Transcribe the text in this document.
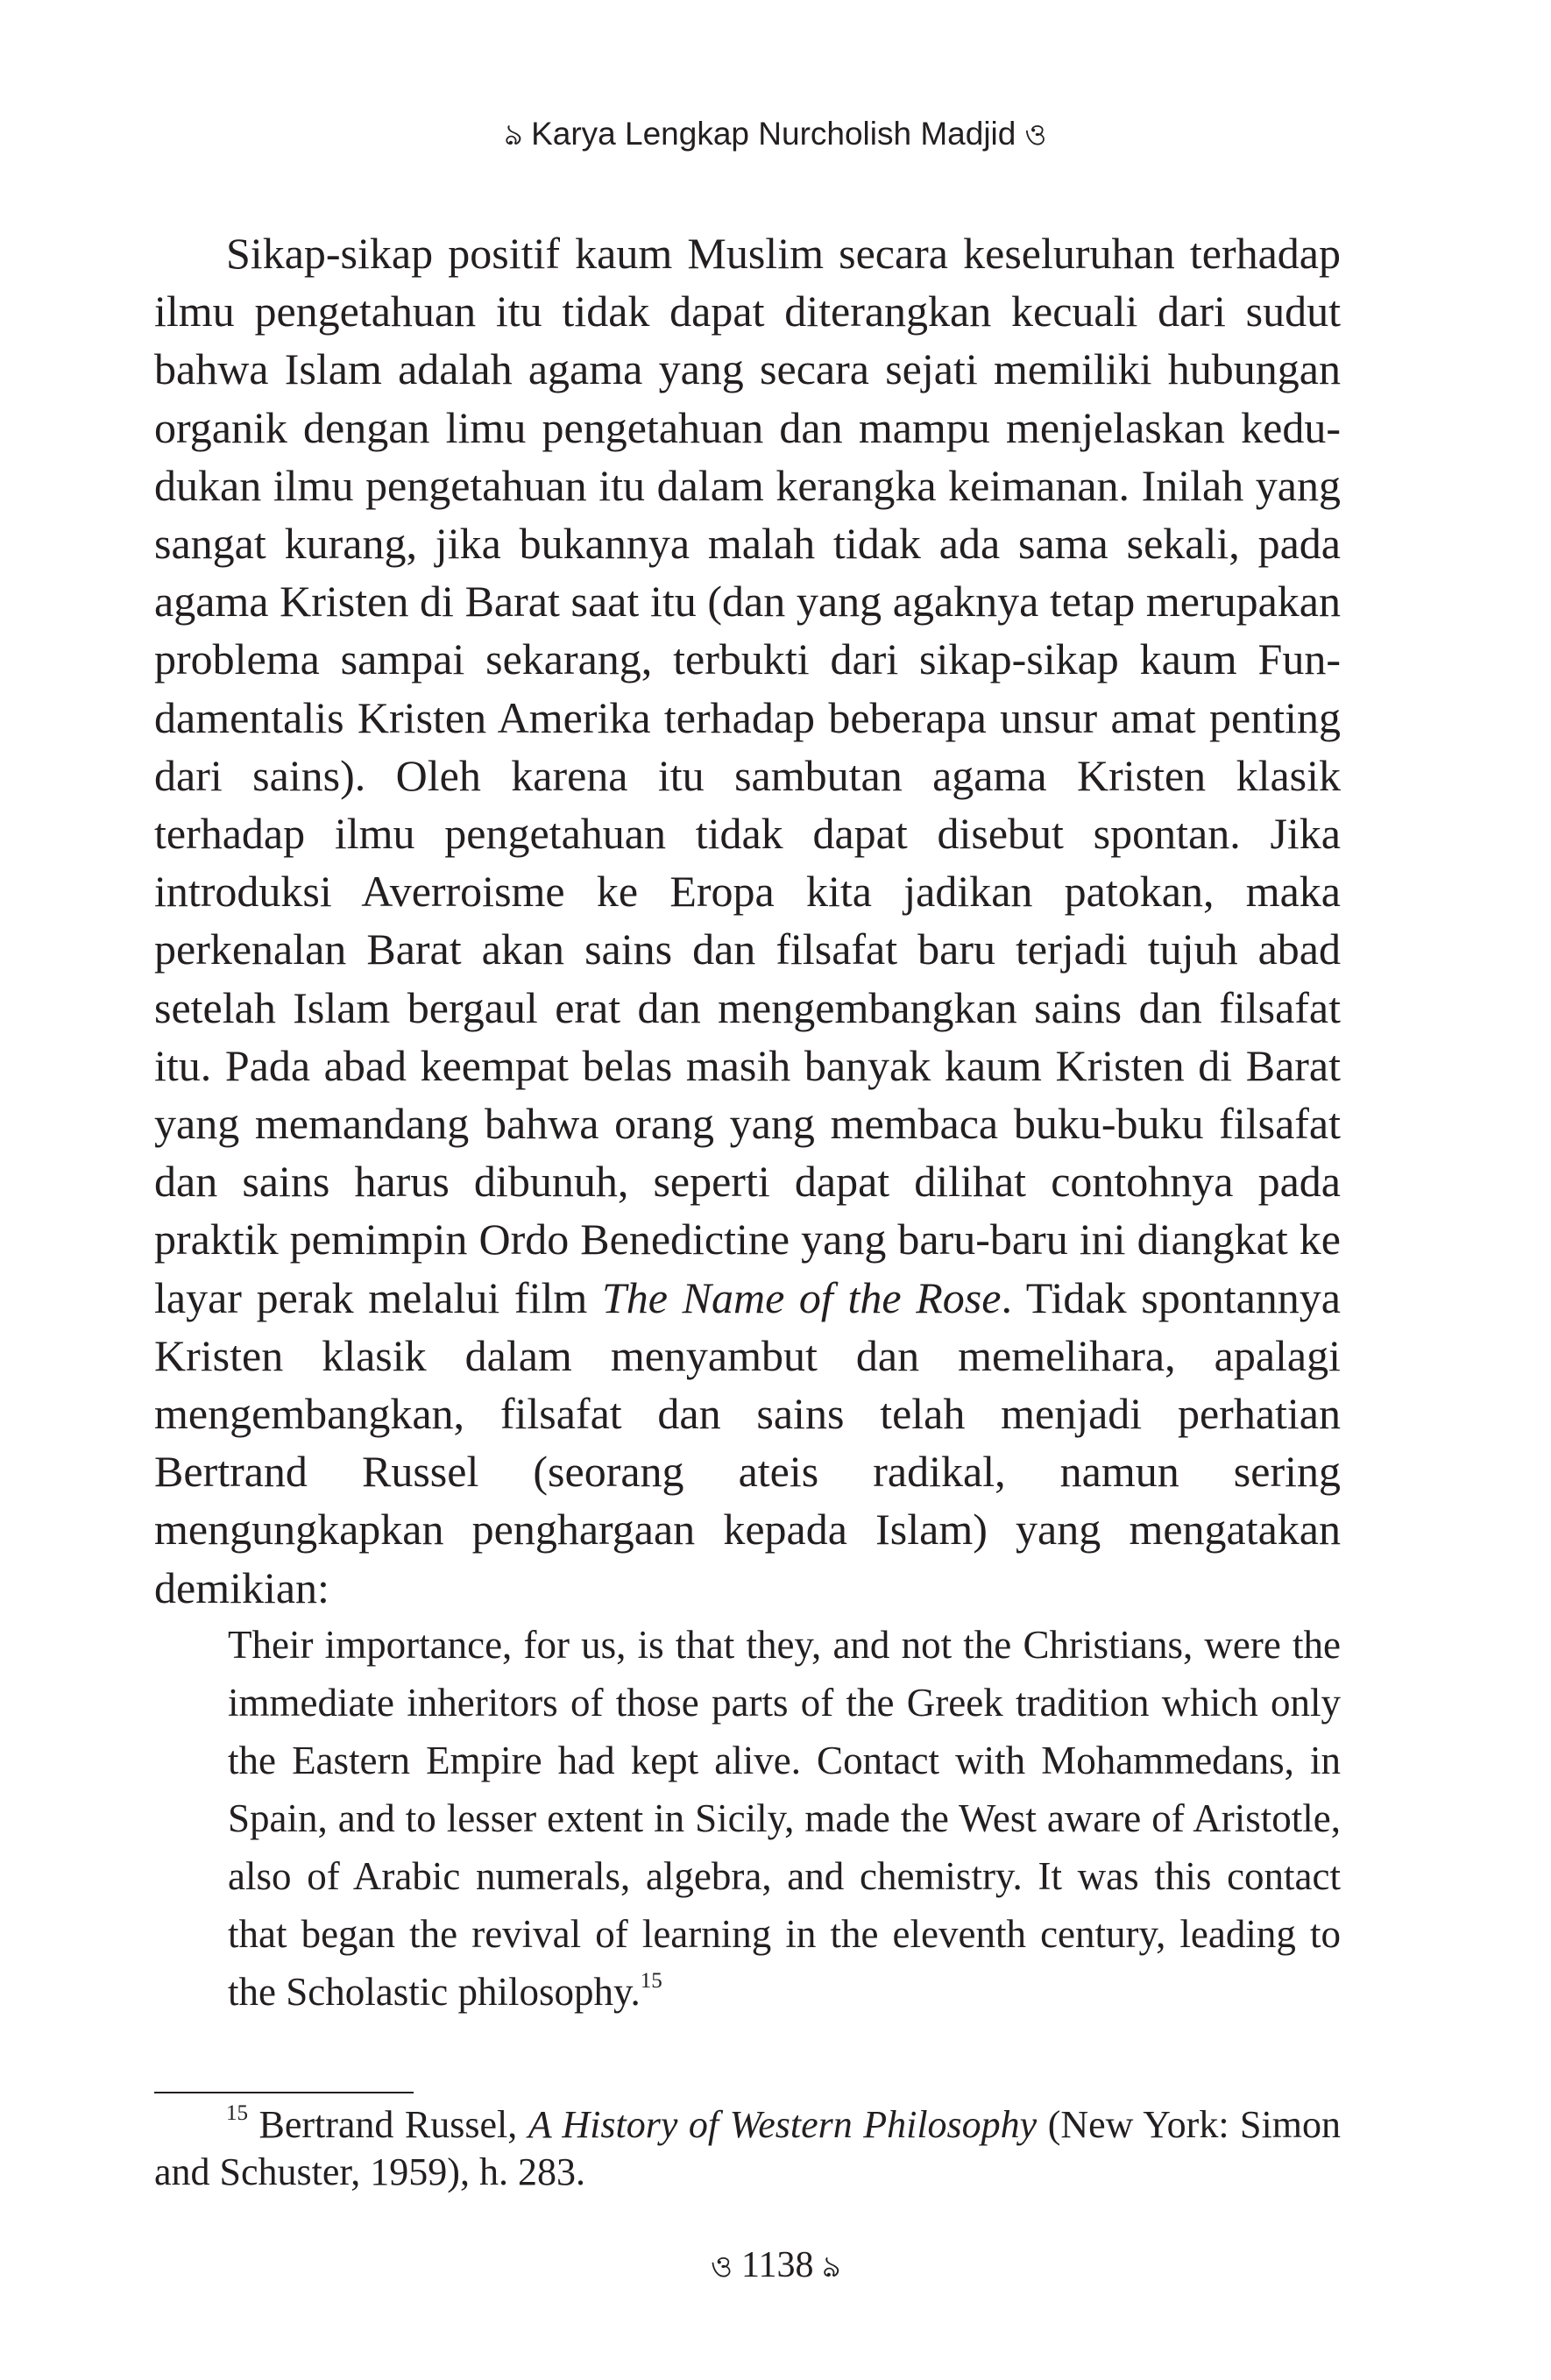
ঌ Karya Lengkap Nurcholish Madjid ও

Sikap-sikap positif kaum Muslim secara keseluruhan terhadap ilmu pengetahuan itu tidak dapat diterangkan kecuali dari sudut bahwa Islam adalah agama yang secara sejati memiliki hubungan organik dengan limu pengetahuan dan mampu menjelaskan kedudukan ilmu pengetahuan itu dalam kerangka keimanan. Inilah yang sangat kurang, jika bukannya malah tidak ada sama sekali, pada agama Kristen di Barat saat itu (dan yang agaknya tetap merupakan problema sampai sekarang, terbukti dari sikap-sikap kaum Fundamentalis Kristen Amerika terhadap beberapa unsur amat penting dari sains). Oleh karena itu sambutan agama Kristen klasik terhadap ilmu pengetahuan tidak dapat disebut spontan. Jika introduksi Averroisme ke Eropa kita jadikan patokan, maka perkenalan Barat akan sains dan filsafat baru terjadi tujuh abad setelah Islam bergaul erat dan mengembangkan sains dan filsafat itu. Pada abad keempat belas masih banyak kaum Kristen di Barat yang memandang bahwa orang yang membaca buku-buku filsafat dan sains harus dibunuh, seperti dapat dilihat contohnya pada praktik pemimpin Ordo Benedictine yang baru-baru ini diangkat ke layar perak melalui film The Name of the Rose. Tidak spontannya Kristen klasik dalam menyambut dan memelihara, apalagi mengembangkan, filsafat dan sains telah menjadi perhatian Bertrand Russel (seorang ateis radikal, namun sering mengungkapkan penghargaan kepada Islam) yang mengatakan demikian:

Their importance, for us, is that they, and not the Christians, were the immediate inheritors of those parts of the Greek tradition which only the Eastern Empire had kept alive. Contact with Mohammedans, in Spain, and to lesser extent in Sicily, made the West aware of Aristotle, also of Arabic numerals, algebra, and chemistry. It was this contact that began the revival of learning in the eleventh century, leading to the Scholastic philosophy.$^{15}$

$^{15}$ Bertrand Russel, A History of Western Philosophy (New York: Simon and Schuster, 1959), h. 283.

ও 1138 ঌ
